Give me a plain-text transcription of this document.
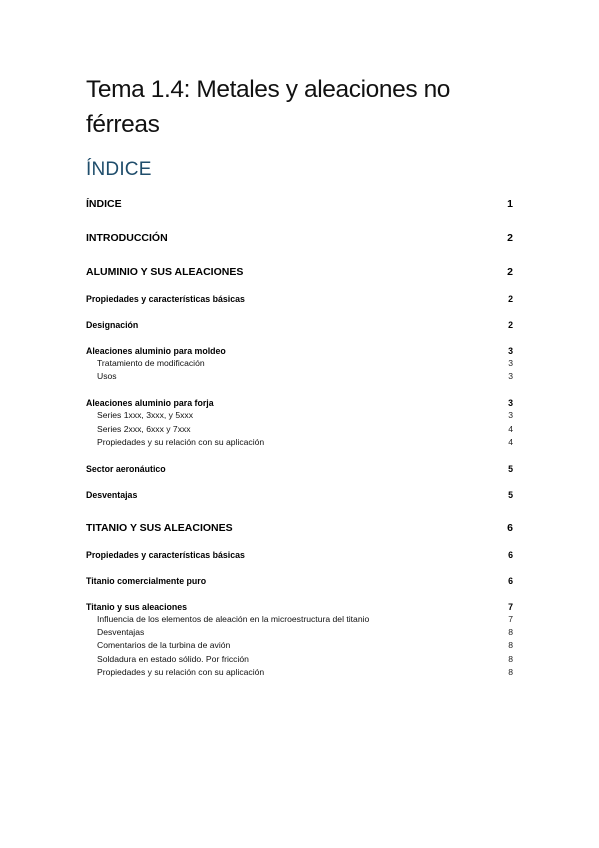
Tema 1.4: Metales y aleaciones no
férreas
ÍNDICE
ÍNDICE	1
INTRODUCCIÓN	2
ALUMINIO Y SUS ALEACIONES	2
Propiedades y características básicas	2
Designación	2
Aleaciones aluminio para moldeo	3
Tratamiento de modificación	3
Usos	3
Aleaciones aluminio para forja	3
Series 1xxx, 3xxx, y 5xxx	3
Series 2xxx, 6xxx y 7xxx	4
Propiedades y su relación con su aplicación	4
Sector aeronáutico	5
Desventajas	5
TITANIO Y SUS ALEACIONES	6
Propiedades y características básicas	6
Titanio comercialmente puro	6
Titanio y sus aleaciones	7
Influencia de los elementos de aleación en la microestructura del titanio	7
Desventajas	8
Comentarios de la turbina de avión	8
Soldadura en estado sólido. Por fricción	8
Propiedades y su relación con su aplicación	8
